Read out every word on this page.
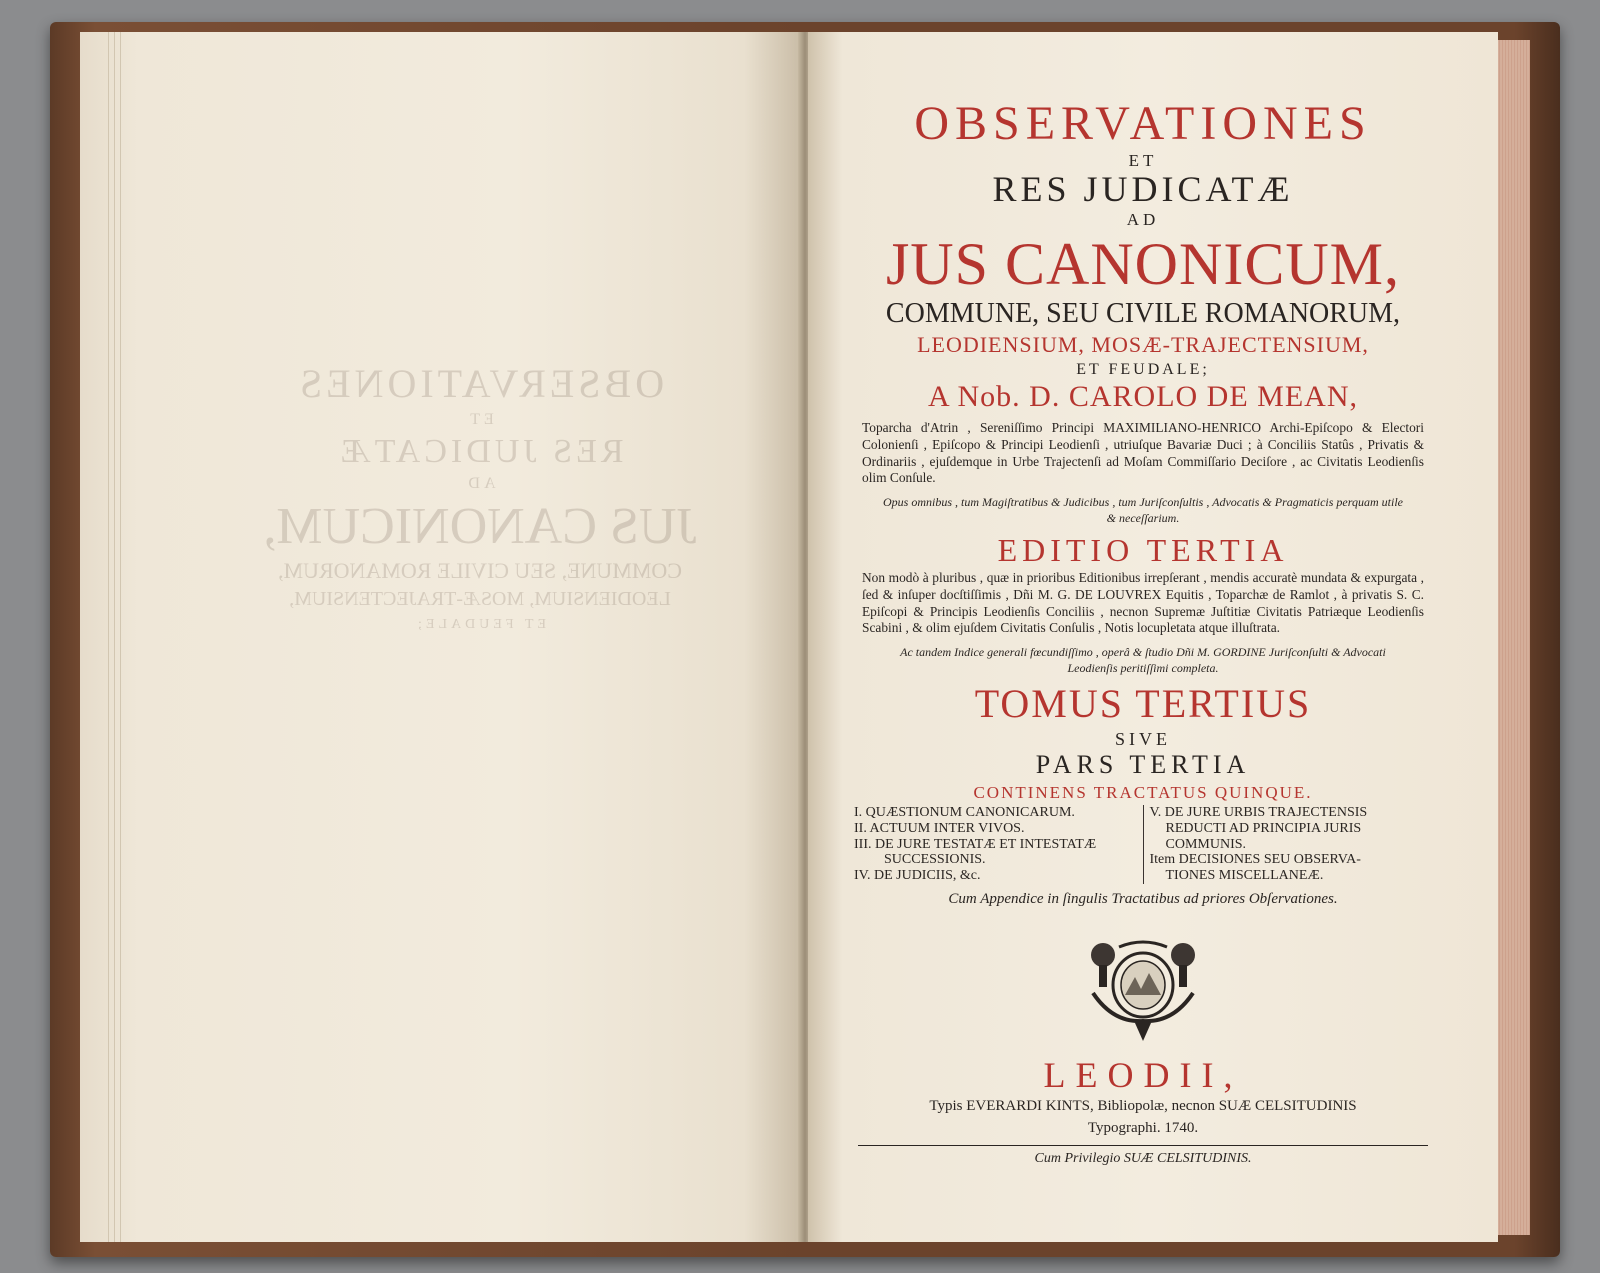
OBSERVATIONES
ET
RES JUDICATÆ
AD
JUS CANONICUM,
COMMUNE, SEU CIVILE ROMANORUM,
LEODIENSIUM, MOSÆ-TRAJECTENSIUM,
ET FEUDALE;
OBSERVATIONES
ET
RES JUDICATÆ
AD
JUS CANONICUM,
COMMUNE, SEU CIVILE ROMANORUM,
LEODIENSIUM, MOSÆ-TRAJECTENSIUM,
ET FEUDALE;
A Nob. D. CAROLO DE MEAN,
Toparcha d'Atrin , Sereniſſimo Principi MAXIMILIANO-HENRICO Archi-Epiſcopo & Electori Colonienſi , Epiſcopo & Principi Leodienſi , utriuſque Bavariæ Duci ; à Conciliis Statûs , Privatis & Ordinariis , ejuſdemque in Urbe Trajectenſi ad Moſam Commiſſario Deciſore , ac Civitatis Leodienſis olim Conſule.
Opus omnibus , tum Magiſtratibus & Judicibus , tum Juriſconſultis , Advocatis & Pragmaticis perquam utile & neceſſarium.
EDITIO TERTIA
Non modò à pluribus , quæ in prioribus Editionibus irrepſerant , mendis accuratè mundata & expurgata , ſed & inſuper docſtiſſimis , Dñi M. G. DE LOUVREX Equitis , Toparchæ de Ramlot , à privatis S. C. Epiſcopi & Principis Leodienſis Conciliis , necnon Supremæ Juſtitiæ Civitatis Patriæque Leodienſis Scabini , & olim ejuſdem Civitatis Conſulis , Notis locupletata atque illuſtrata.
Ac tandem Indice generali fœcundiſſimo , operâ & ſtudio Dñi M. GORDINE Juriſconſulti & Advocati Leodienſis peritiſſimi completa.
TOMUS TERTIUS
SIVE
PARS TERTIA
CONTINENS TRACTATUS QUINQUE.
I. QUÆSTIONUM CANONICARUM.
II. ACTUUM INTER VIVOS.
III. DE JURE TESTATÆ ET INTESTATÆ
SUCCESSIONIS.
IV. DE JUDICIIS, &c.
V. DE JURE URBIS TRAJECTENSIS
REDUCTI AD PRINCIPIA JURIS
COMMUNIS.
Item DECISIONES SEU OBSERVA-
TIONES MISCELLANEÆ.
Cum Appendice in ſingulis Tractatibus ad priores Obſervationes.
LEODII,
Typis EVERARDI KINTS, Bibliopolæ, necnon SUÆ CELSITUDINIS
Typographi. 1740.
Cum Privilegio SUÆ CELSITUDINIS.
